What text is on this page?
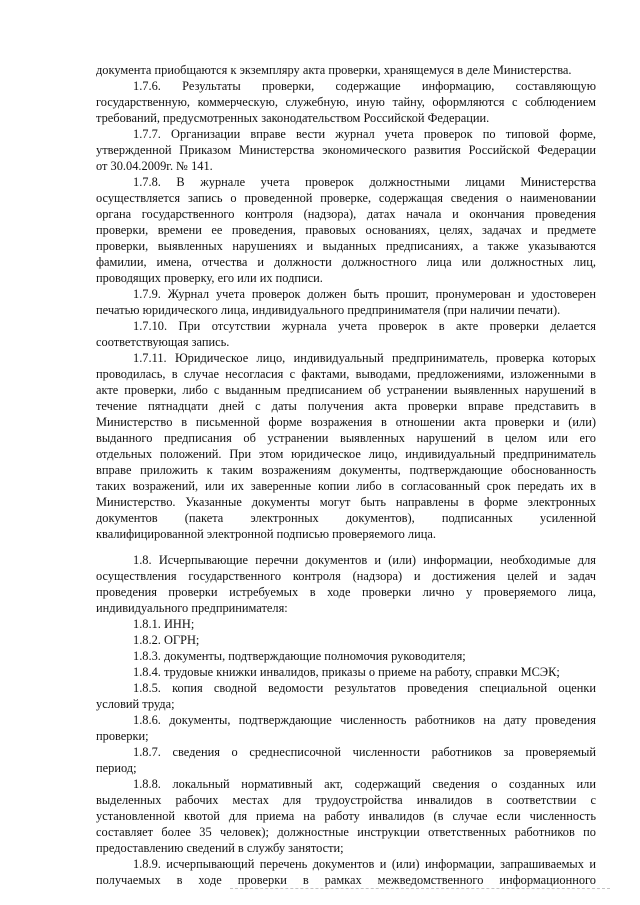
документа приобщаются к экземпляру акта проверки, хранящемуся в деле Министерства.
1.7.6. Результаты проверки, содержащие информацию, составляющую
государственную, коммерческую, служебную, иную тайну, оформляются с соблюдением
требований, предусмотренных законодательством Российской Федерации.
1.7.7. Организации вправе вести журнал учета проверок по типовой форме,
утвержденной Приказом Министерства экономического развития Российской Федерации
от 30.04.2009г. № 141.
1.7.8. В журнале учета проверок должностными лицами Министерства
осуществляется запись о проведенной проверке, содержащая сведения о наименовании
органа государственного контроля (надзора), датах начала и окончания проведения
проверки, времени ее проведения, правовых основаниях, целях, задачах и предмете
проверки, выявленных нарушениях и выданных предписаниях, а также указываются
фамилии, имена, отчества и должности должностного лица или должностных лиц,
проводящих проверку, его или их подписи.
1.7.9. Журнал учета проверок должен быть прошит, пронумерован и удостоверен
печатью юридического лица, индивидуального предпринимателя (при наличии печати).
1.7.10. При отсутствии журнала учета проверок в акте проверки делается
соответствующая запись.
1.7.11. Юридическое лицо, индивидуальный предприниматель, проверка которых
проводилась, в случае несогласия с фактами, выводами, предложениями, изложенными в
акте проверки, либо с выданным предписанием об устранении выявленных нарушений в
течение пятнадцати дней с даты получения акта проверки вправе представить в
Министерство в письменной форме возражения в отношении акта проверки и (или)
выданного предписания об устранении выявленных нарушений в целом или его
отдельных положений. При этом юридическое лицо, индивидуальный предприниматель
вправе приложить к таким возражениям документы, подтверждающие обоснованность
таких возражений, или их заверенные копии либо в согласованный срок передать их в
Министерство. Указанные документы могут быть направлены в форме электронных
документов (пакета электронных документов), подписанных усиленной
квалифицированной электронной подписью проверяемого лица.
1.8. Исчерпывающие перечни документов и (или) информации, необходимые для
осуществления государственного контроля (надзора) и достижения целей и задач
проведения проверки истребуемых в ходе проверки лично у проверяемого лица,
индивидуального предпринимателя:
1.8.1. ИНН;
1.8.2. ОГРН;
1.8.3. документы, подтверждающие полномочия руководителя;
1.8.4. трудовые книжки инвалидов, приказы о приеме на работу, справки МСЭК;
1.8.5. копия сводной ведомости результатов проведения специальной оценки
условий труда;
1.8.6. документы, подтверждающие численность работников на дату проведения
проверки;
1.8.7. сведения о среднесписочной численности работников за проверяемый
период;
1.8.8. локальный нормативный акт, содержащий сведения о созданных или
выделенных рабочих местах для трудоустройства инвалидов в соответствии с
установленной квотой для приема на работу инвалидов (в случае если численность
составляет более 35 человек); должностные инструкции ответственных работников по
предоставлению сведений в службу занятости;
1.8.9. исчерпывающий перечень документов и (или) информации, запрашиваемых и
получаемых в ходе проверки в рамках межведомственного информационного
